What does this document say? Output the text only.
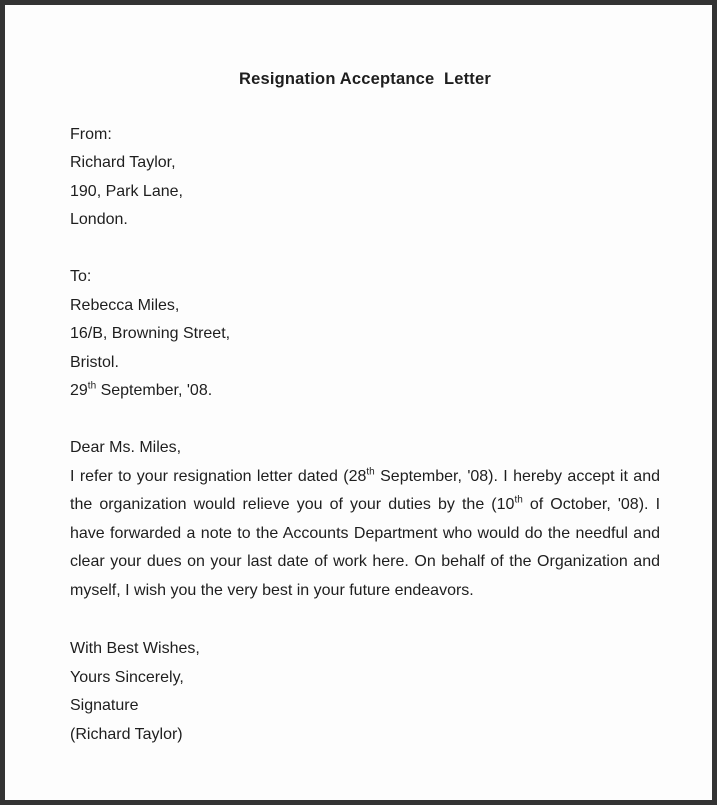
Resignation Acceptance  Letter

From:

Richard Taylor,

190, Park Lane,

London.

To:

Rebecca Miles,

16/B, Browning Street,

Bristol.

29th September, '08.

Dear Ms. Miles,

I refer to your resignation letter dated (28th September, '08). I hereby accept it and the organization would relieve you of your duties by the (10th of October, '08). I have forwarded a note to the Accounts Department who would do the needful and clear your dues on your last date of work here. On behalf of the Organization and myself, I wish you the very best in your future endeavors.

With Best Wishes,

Yours Sincerely,

Signature

(Richard Taylor)
